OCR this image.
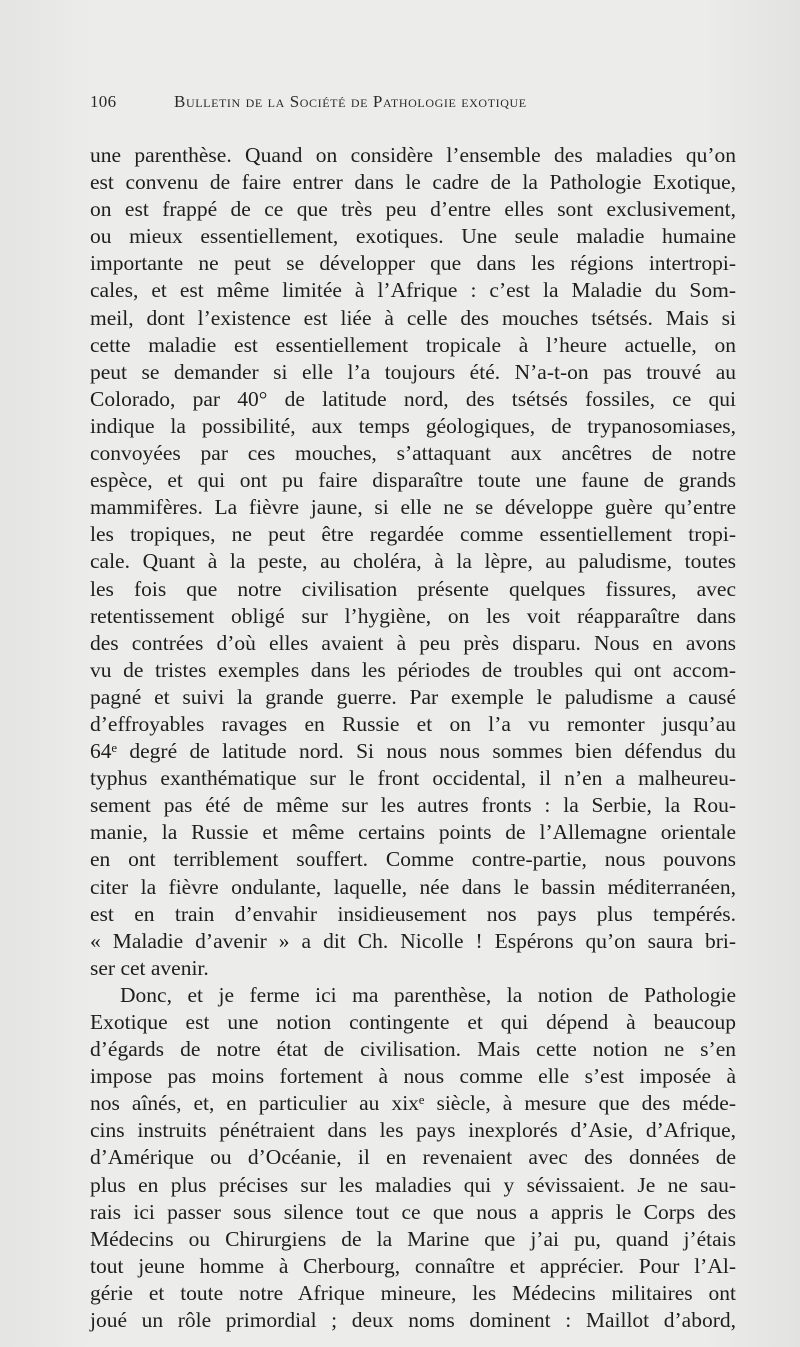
106	Bulletin de la Société de Pathologie exotique
une parenthèse. Quand on considère l’ensemble des maladies qu’on
est convenu de faire entrer dans le cadre de la Pathologie Exotique,
on est frappé de ce que très peu d’entre elles sont exclusivement,
ou mieux essentiellement, exotiques. Une seule maladie humaine
importante ne peut se développer que dans les régions intertropi-
cales, et est même limitée à l’Afrique : c’est la Maladie du Som-
meil, dont l’existence est liée à celle des mouches tsétsés. Mais si
cette maladie est essentiellement tropicale à l’heure actuelle, on
peut se demander si elle l’a toujours été. N’a-t-on pas trouvé au
Colorado, par 40° de latitude nord, des tsétsés fossiles, ce qui
indique la possibilité, aux temps géologiques, de trypanosomiases,
convoyées par ces mouches, s’attaquant aux ancêtres de notre
espèce, et qui ont pu faire disparaître toute une faune de grands
mammifères. La fièvre jaune, si elle ne se développe guère qu’entre
les tropiques, ne peut être regardée comme essentiellement tropi-
cale. Quant à la peste, au choléra, à la lèpre, au paludisme, toutes
les fois que notre civilisation présente quelques fissures, avec
retentissement obligé sur l’hygiène, on les voit réapparaître dans
des contrées d’où elles avaient à peu près disparu. Nous en avons
vu de tristes exemples dans les périodes de troubles qui ont accom-
pagné et suivi la grande guerre. Par exemple le paludisme a causé
d’effroyables ravages en Russie et on l’a vu remonter jusqu’au
64ᵉ degré de latitude nord. Si nous nous sommes bien défendus du
typhus exanthématique sur le front occidental, il n’en a malheureu-
sement pas été de même sur les autres fronts : la Serbie, la Rou-
manie, la Russie et même certains points de l’Allemagne orientale
en ont terriblement souffert. Comme contre-partie, nous pouvons
citer la fièvre ondulante, laquelle, née dans le bassin méditerranéen,
est en train d’envahir insidieusement nos pays plus tempérés.
« Maladie d’avenir » a dit Ch. Nicolle ! Espérons qu’on saura bri-
ser cet avenir.
Donc, et je ferme ici ma parenthèse, la notion de Pathologie
Exotique est une notion contingente et qui dépend à beaucoup
d’égards de notre état de civilisation. Mais cette notion ne s’en
impose pas moins fortement à nous comme elle s’est imposée à
nos aînés, et, en particulier au xixᵉ siècle, à mesure que des méde-
cins instruits pénétraient dans les pays inexplorés d’Asie, d’Afrique,
d’Amérique ou d’Océanie, il en revenaient avec des données de
plus en plus précises sur les maladies qui y sévissaient. Je ne sau-
rais ici passer sous silence tout ce que nous a appris le Corps des
Médecins ou Chirurgiens de la Marine que j’ai pu, quand j’étais
tout jeune homme à Cherbourg, connaître et apprécier. Pour l’Al-
gérie et toute notre Afrique mineure, les Médecins militaires ont
joué un rôle primordial ; deux noms dominent : Maillot d’abord,
